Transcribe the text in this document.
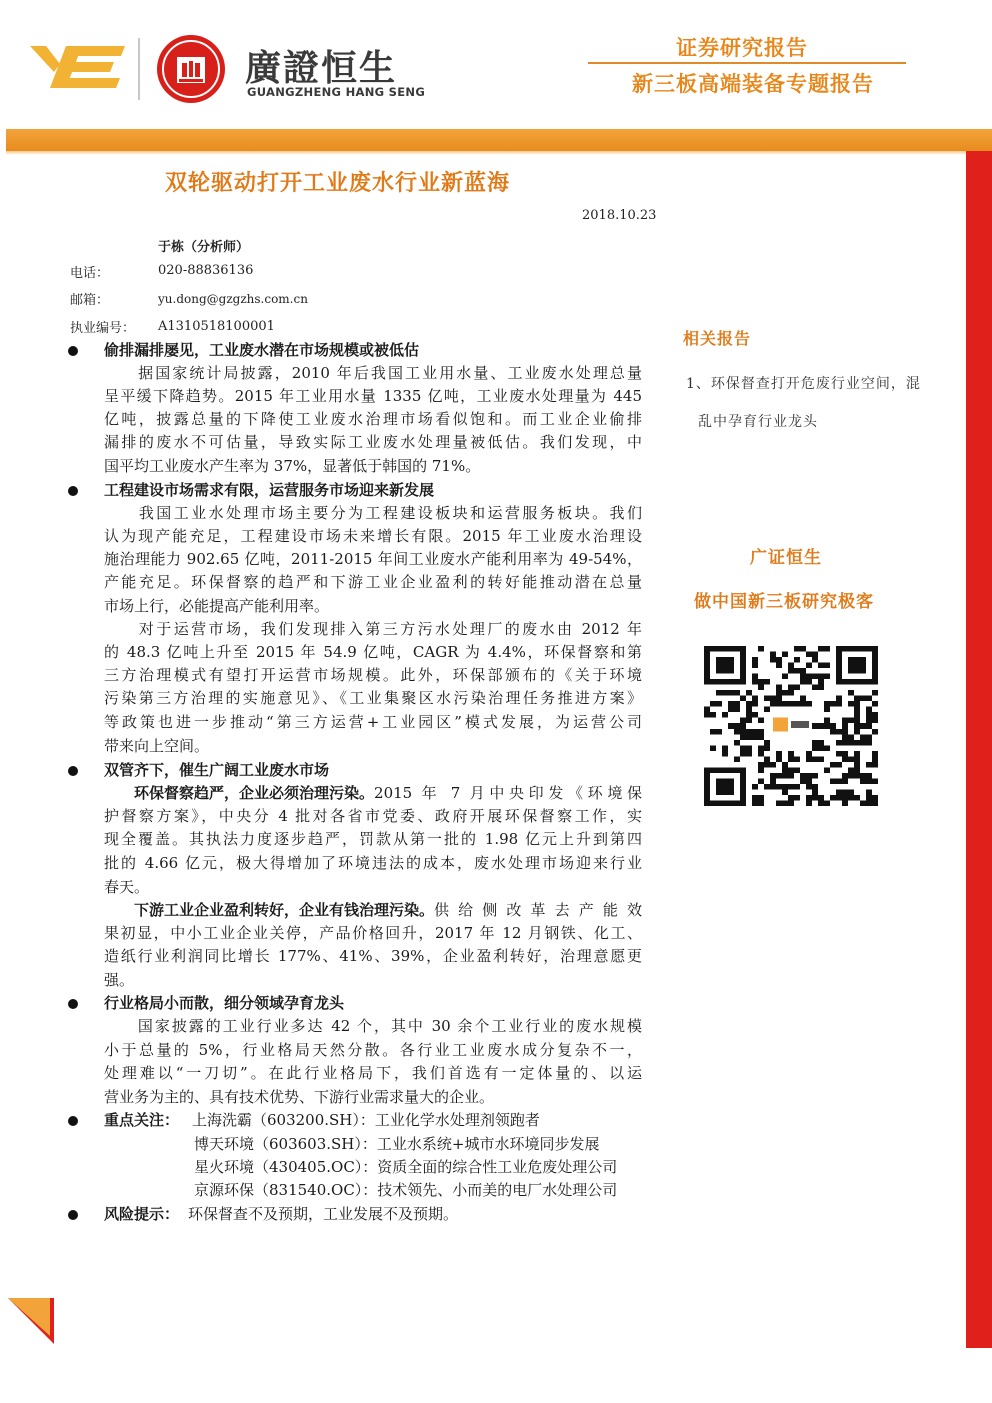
廣證恒生
GUANGZHENG HANG SENG
证券研究报告
新三板高端装备专题报告
双轮驱动打开工业废水行业新蓝海
2018.10.23
于栋（分析师）
电话：	020-88836136
邮箱：	yu.dong@gzgzhs.com.cn
执业编号： A1310518100001
偷排漏排屡见，工业废水潜在市场规模或被低估
　　据国家统计局披露，2010 年后我国工业用水量、工业废水处理总量
呈平缓下降趋势。2015 年工业用水量 1335 亿吨，工业废水处理量为 445
亿吨，披露总量的下降使工业废水治理市场看似饱和。而工业企业偷排
漏排的废水不可估量，导致实际工业废水处理量被低估。我们发现，中
国平均工业废水产生率为 37%，显著低于韩国的 71%。
工程建设市场需求有限，运营服务市场迎来新发展
　　我国工业水处理市场主要分为工程建设板块和运营服务板块。我们
认为现产能充足，工程建设市场未来增长有限。2015 年工业废水治理设
施治理能力 902.65 亿吨，2011-2015 年间工业废水产能利用率为 49-54%，
产能充足。环保督察的趋严和下游工业企业盈利的转好能推动潜在总量
市场上行，必能提高产能利用率。
　　对于运营市场，我们发现排入第三方污水处理厂的废水由 2012 年
的 48.3 亿吨上升至 2015 年 54.9 亿吨，CAGR 为 4.4%，环保督察和第
三方治理模式有望打开运营市场规模。此外，环保部颁布的《关于环境
污染第三方治理的实施意见》、《工业集聚区水污染治理任务推进方案》
等政策也进一步推动“第三方运营+工业园区”模式发展，为运营公司
带来向上空间。
双管齐下，催生广阔工业废水市场

环保督察趋严，企业必须治理污染。 2015 年 7 月中央印发《环境保
护督察方案》，中央分 4 批对各省市党委、政府开展环保督察工作，实
现全覆盖。其执法力度逐步趋严，罚款从第一批的 1.98 亿元上升到第四
批的 4.66 亿元，极大得增加了环境违法的成本，废水处理市场迎来行业
春天。

下游工业企业盈利转好，企业有钱治理污染。 供给侧改革去产能效
果初显，中小工业企业关停，产品价格回升，2017 年 12 月钢铁、化工、
造纸行业利润同比增长 177%、41%、39%，企业盈利转好，治理意愿更
强。
行业格局小而散，细分领域孕育龙头
　　国家披露的工业行业多达 42 个，其中 30 余个工业行业的废水规模
小于总量的 5%，行业格局天然分散。各行业工业废水成分复杂不一，
处理难以“一刀切”。在此行业格局下，我们首选有一定体量的、以运
营业务为主的、具有技术优势、下游行业需求量大的企业。
重点关注： 上海洗霸（603200.SH）：工业化学水处理剂领跑者
博天环境（603603.SH）：工业水系统+城市水环境同步发展
星火环境（430405.OC）：资质全面的综合性工业危废处理公司
京源环保（831540.OC）：技术领先、小而美的电厂水处理公司
风险提示： 环保督查不及预期，工业发展不及预期。
相关报告
1、环保督查打开危废行业空间，混
乱中孕育行业龙头
广证恒生
做中国新三板研究极客
